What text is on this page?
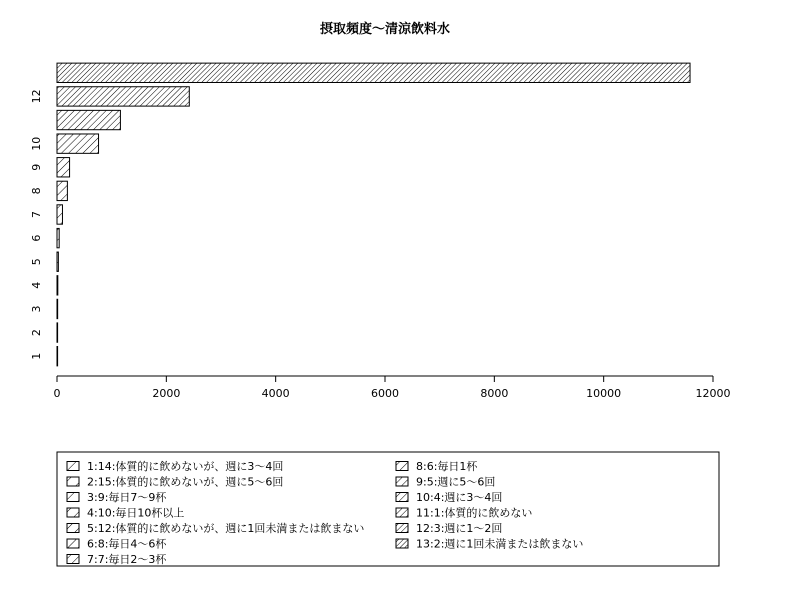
摂取頻度～清涼飲料水
1
2
3
4
5
6
7
8
9
10
12
0	2000	4000	6000	8000	10000	12000
1:14:体質的に飲めないが、週に3～4回
2:15:体質的に飲めないが、週に5～6回
3:9:毎日7～9杯
4:10:毎日10杯以上
5:12:体質的に飲めないが、週に1回未満または飲まない
6:8:毎日4～6杯
7:7:毎日2～3杯
8:6:毎日1杯
9:5:週に5～6回
10:4:週に3～4回
11:1:体質的に飲めない
12:3:週に1～2回
13:2:週に1回未満または飲まない
